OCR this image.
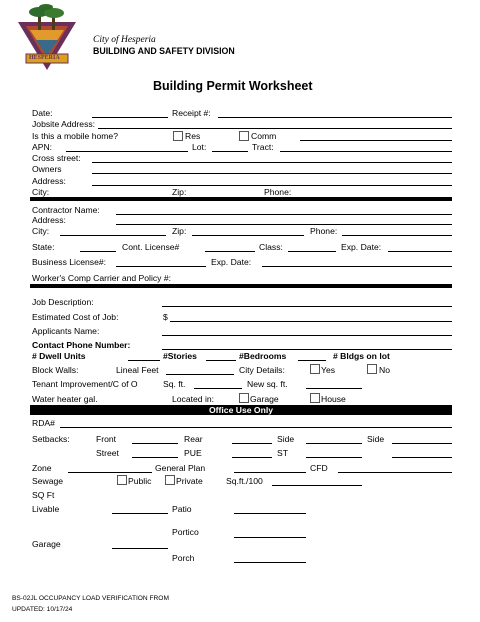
HESPERIA
City of Hesperia
BUILDING AND SAFETY DIVISION
Building Permit Worksheet
Date:	Receipt #:
Jobsite Address:
Is this a mobile home?	Res	Comm
APN:	Lot:	Tract:
Cross street:
Owners
Address:
City:	Zip:	Phone:
Contractor Name:
Address:
City:	Zip:	Phone:
State:	Cont. License#	Class:	Exp. Date:
Business License#:	Exp. Date:
Worker's Comp Carrier and Policy #:
Job Description:
Estimated Cost of Job:	$
Applicants Name:
Contact Phone Number:
# Dwell Units	#Stories	#Bedrooms	# Bldgs on lot
Block Walls:	Lineal Feet	City Details:	Yes	No
Tenant Improvement/C of O	Sq. ft.	New sq. ft.
Water heater gal.	Located in:	Garage	House
Office Use Only
RDA#
Setbacks:	Front	Rear	Side	Side
Street	PUE	ST
Zone	General Plan	CFD
Sewage	Public	Private	Sq.ft./100
SQ Ft
Livable	Patio
Portico
Garage
Porch
BS-02JL OCCUPANCY LOAD VERIFICATION FROM
UPDATED: 10/17/24
